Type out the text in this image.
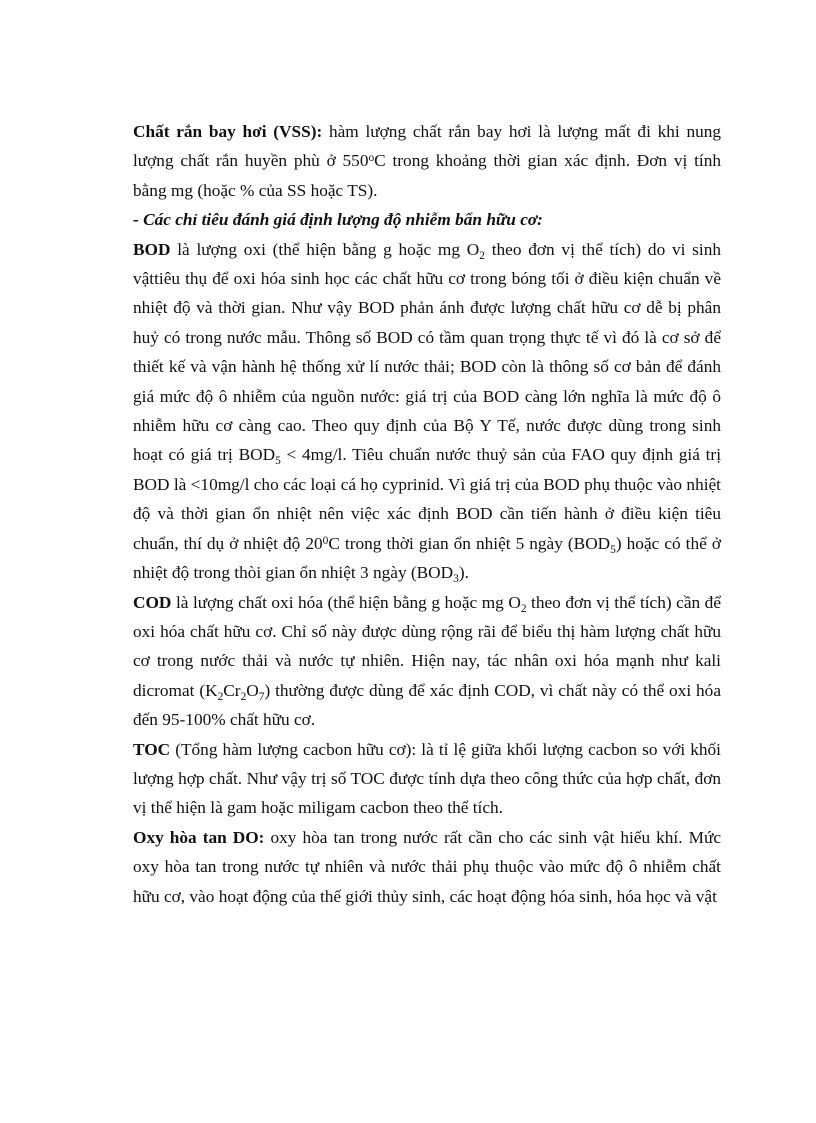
Chất rắn bay hơi (VSS): hàm lượng chất rắn bay hơi là lượng mất đi khi nung lượng chất rắn huyền phù ở 550$^o$C trong khoảng thời gian xác định. Đơn vị tính bằng mg (hoặc % của SS hoặc TS).

- Các chỉ tiêu đánh giá định lượng độ nhiễm bẩn hữu cơ:

BOD là lượng oxi (thể hiện bằng g hoặc mg $O_2$ theo đơn vị thể tích) do vi sinh vậttiêu thụ để oxi hóa sinh học các chất hữu cơ trong bóng tối ở điều kiện chuẩn về nhiệt độ và thời gian. Như vậy BOD phản ánh được lượng chất hữu cơ dễ bị phân huỷ có trong nước mẫu. Thông số BOD có tầm quan trọng thực tế vì đó là cơ sở để thiết kế và vận hành hệ thống xử lí nước thải; BOD còn là thông số cơ bản để đánh giá mức độ ô nhiễm của nguồn nước: giá trị của BOD càng lớn nghĩa là mức độ ô nhiễm hữu cơ càng cao. Theo quy định của Bộ Y Tế, nước được dùng trong sinh hoạt có giá trị $BOD_5 < 4mg/l$. Tiêu chuẩn nước thuỷ sản của FAO quy định giá trị BOD là <10mg/l cho các loại cá họ cyprinid. Vì giá trị của BOD phụ thuộc vào nhiệt độ và thời gian ổn nhiệt nên việc xác định BOD cần tiến hành ở điều kiện tiêu chuẩn, thí dụ ở nhiệt độ $20^0C$ trong thời gian ổn nhiệt 5 ngày $(BOD_5)$ hoặc có thể ở nhiệt độ trong thòi gian ổn nhiệt 3 ngày $(BOD_3)$.

COD là lượng chất oxi hóa (thể hiện bằng g hoặc mg $O_2$ theo đơn vị thể tích) cần để oxi hóa chất hữu cơ. Chỉ số này được dùng rộng rãi để biểu thị hàm lượng chất hữu cơ trong nước thải và nước tự nhiên. Hiện nay, tác nhân oxi hóa mạnh như kali dicromat $(K_2Cr_2O_7)$ thường được dùng để xác định COD, vì chất này có thể oxi hóa đến 95-100% chất hữu cơ.

TOC (Tổng hàm lượng cacbon hữu cơ): là tỉ lệ giữa khối lượng cacbon so với khối lượng hợp chất. Như vậy trị số TOC được tính dựa theo công thức của hợp chất, đơn vị thể hiện là gam hoặc miligam cacbon theo thể tích.

Oxy hòa tan DO: oxy hòa tan trong nước rất cần cho các sinh vật hiếu khí. Mức oxy hòa tan trong nước tự nhiên và nước thải phụ thuộc vào mức độ ô nhiễm chất hữu cơ, vào hoạt động của thế giới thủy sinh, các hoạt động hóa sinh, hóa học và vật
